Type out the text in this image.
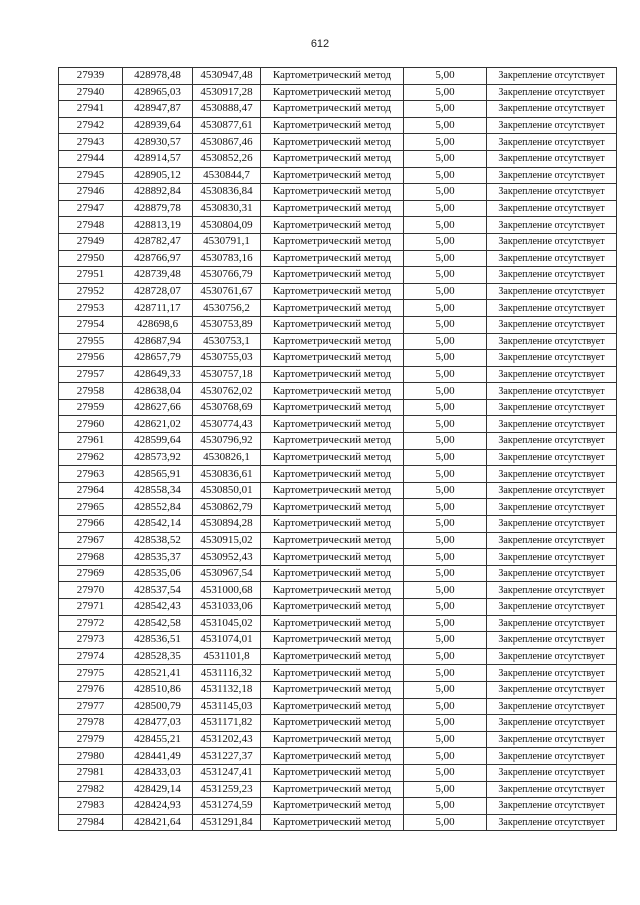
612
27939	428978,48	4530947,48	Картометрический метод	5,00	Закрепление отсутствует
27940	428965,03	4530917,28	Картометрический метод	5,00	Закрепление отсутствует
27941	428947,87	4530888,47	Картометрический метод	5,00	Закрепление отсутствует
27942	428939,64	4530877,61	Картометрический метод	5,00	Закрепление отсутствует
27943	428930,57	4530867,46	Картометрический метод	5,00	Закрепление отсутствует
27944	428914,57	4530852,26	Картометрический метод	5,00	Закрепление отсутствует
27945	428905,12	4530844,7	Картометрический метод	5,00	Закрепление отсутствует
27946	428892,84	4530836,84	Картометрический метод	5,00	Закрепление отсутствует
27947	428879,78	4530830,31	Картометрический метод	5,00	Закрепление отсутствует
27948	428813,19	4530804,09	Картометрический метод	5,00	Закрепление отсутствует
27949	428782,47	4530791,1	Картометрический метод	5,00	Закрепление отсутствует
27950	428766,97	4530783,16	Картометрический метод	5,00	Закрепление отсутствует
27951	428739,48	4530766,79	Картометрический метод	5,00	Закрепление отсутствует
27952	428728,07	4530761,67	Картометрический метод	5,00	Закрепление отсутствует
27953	428711,17	4530756,2	Картометрический метод	5,00	Закрепление отсутствует
27954	428698,6	4530753,89	Картометрический метод	5,00	Закрепление отсутствует
27955	428687,94	4530753,1	Картометрический метод	5,00	Закрепление отсутствует
27956	428657,79	4530755,03	Картометрический метод	5,00	Закрепление отсутствует
27957	428649,33	4530757,18	Картометрический метод	5,00	Закрепление отсутствует
27958	428638,04	4530762,02	Картометрический метод	5,00	Закрепление отсутствует
27959	428627,66	4530768,69	Картометрический метод	5,00	Закрепление отсутствует
27960	428621,02	4530774,43	Картометрический метод	5,00	Закрепление отсутствует
27961	428599,64	4530796,92	Картометрический метод	5,00	Закрепление отсутствует
27962	428573,92	4530826,1	Картометрический метод	5,00	Закрепление отсутствует
27963	428565,91	4530836,61	Картометрический метод	5,00	Закрепление отсутствует
27964	428558,34	4530850,01	Картометрический метод	5,00	Закрепление отсутствует
27965	428552,84	4530862,79	Картометрический метод	5,00	Закрепление отсутствует
27966	428542,14	4530894,28	Картометрический метод	5,00	Закрепление отсутствует
27967	428538,52	4530915,02	Картометрический метод	5,00	Закрепление отсутствует
27968	428535,37	4530952,43	Картометрический метод	5,00	Закрепление отсутствует
27969	428535,06	4530967,54	Картометрический метод	5,00	Закрепление отсутствует
27970	428537,54	4531000,68	Картометрический метод	5,00	Закрепление отсутствует
27971	428542,43	4531033,06	Картометрический метод	5,00	Закрепление отсутствует
27972	428542,58	4531045,02	Картометрический метод	5,00	Закрепление отсутствует
27973	428536,51	4531074,01	Картометрический метод	5,00	Закрепление отсутствует
27974	428528,35	4531101,8	Картометрический метод	5,00	Закрепление отсутствует
27975	428521,41	4531116,32	Картометрический метод	5,00	Закрепление отсутствует
27976	428510,86	4531132,18	Картометрический метод	5,00	Закрепление отсутствует
27977	428500,79	4531145,03	Картометрический метод	5,00	Закрепление отсутствует
27978	428477,03	4531171,82	Картометрический метод	5,00	Закрепление отсутствует
27979	428455,21	4531202,43	Картометрический метод	5,00	Закрепление отсутствует
27980	428441,49	4531227,37	Картометрический метод	5,00	Закрепление отсутствует
27981	428433,03	4531247,41	Картометрический метод	5,00	Закрепление отсутствует
27982	428429,14	4531259,23	Картометрический метод	5,00	Закрепление отсутствует
27983	428424,93	4531274,59	Картометрический метод	5,00	Закрепление отсутствует
27984	428421,64	4531291,84	Картометрический метод	5,00	Закрепление отсутствует
